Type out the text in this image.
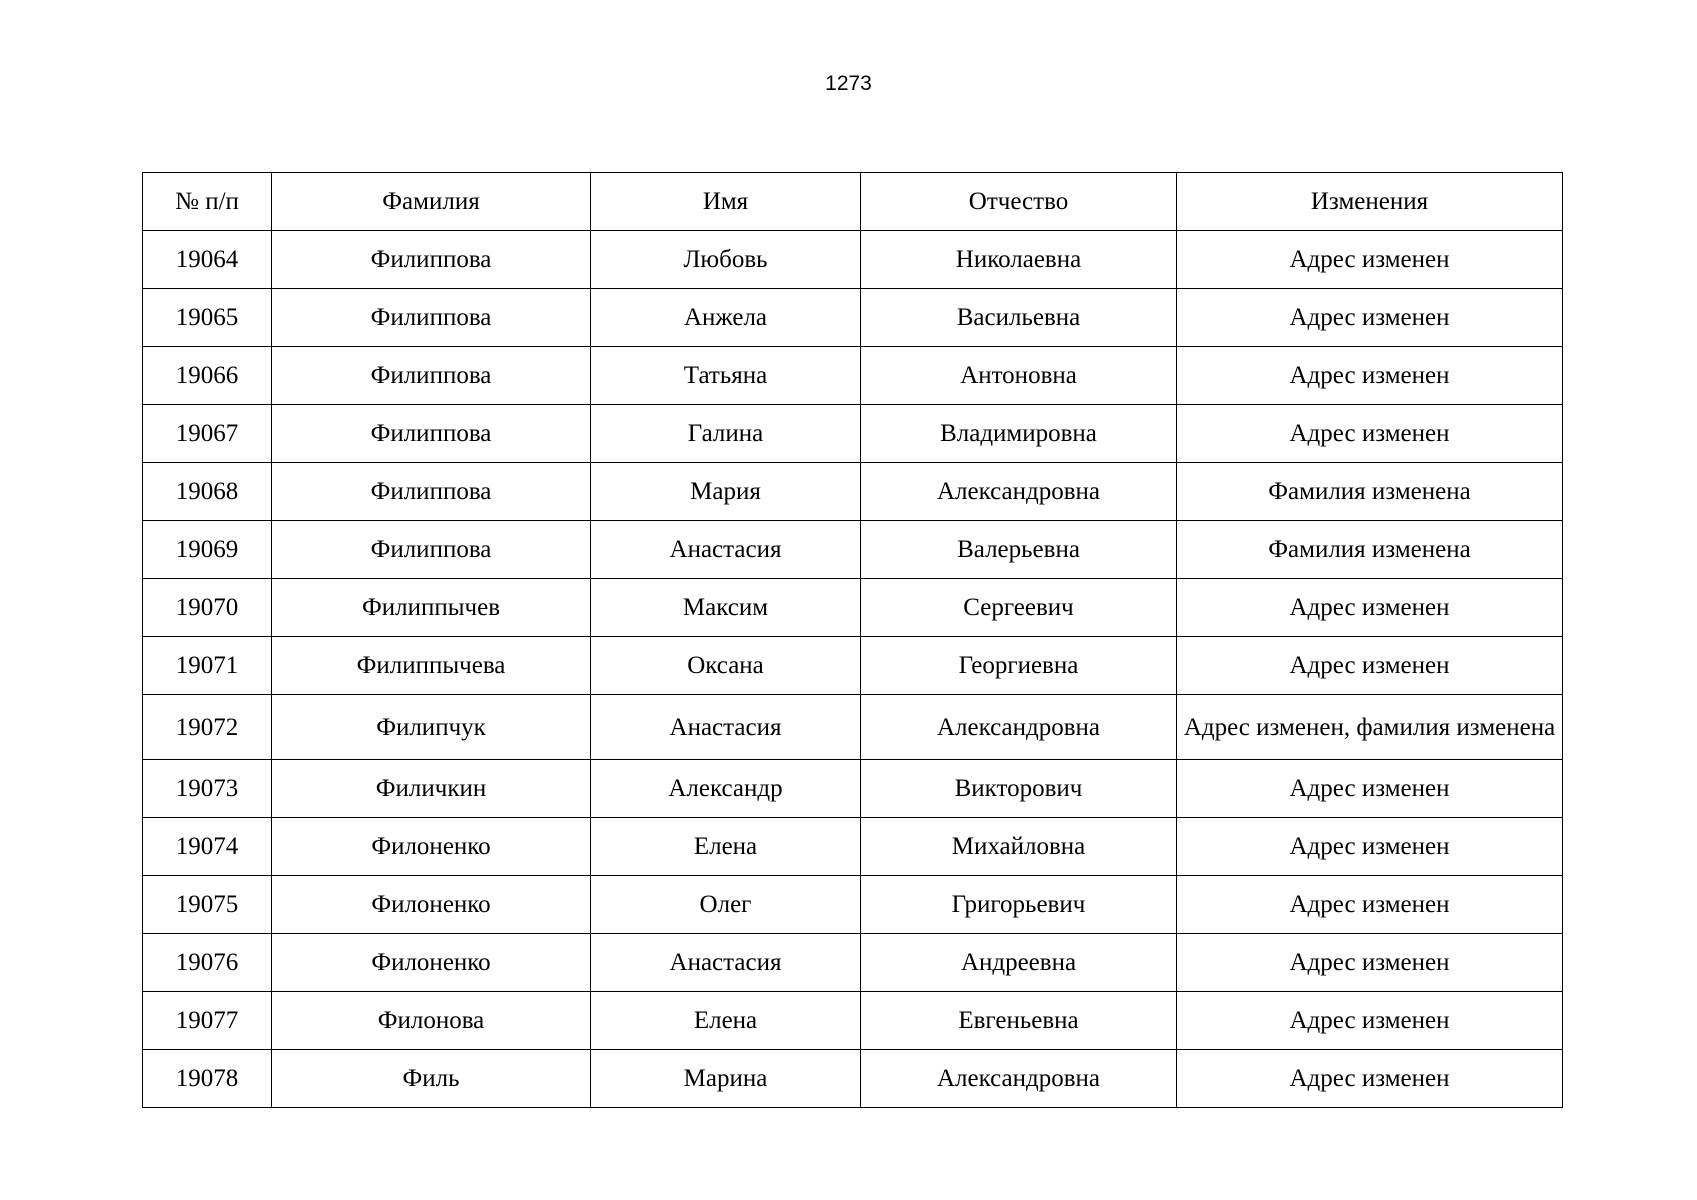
1273
№ п/п	Фамилия	Имя	Отчество	Изменения
19064	Филиппова	Любовь	Николаевна	Адрес изменен
19065	Филиппова	Анжела	Васильевна	Адрес изменен
19066	Филиппова	Татьяна	Антоновна	Адрес изменен
19067	Филиппова	Галина	Владимировна	Адрес изменен
19068	Филиппова	Мария	Александровна	Фамилия изменена
19069	Филиппова	Анастасия	Валерьевна	Фамилия изменена
19070	Филиппычев	Максим	Сергеевич	Адрес изменен
19071	Филиппычева	Оксана	Георгиевна	Адрес изменен
19072	Филипчук	Анастасия	Александровна	Адрес изменен, фамилия изменена
19073	Филичкин	Александр	Викторович	Адрес изменен
19074	Филоненко	Елена	Михайловна	Адрес изменен
19075	Филоненко	Олег	Григорьевич	Адрес изменен
19076	Филоненко	Анастасия	Андреевна	Адрес изменен
19077	Филонова	Елена	Евгеньевна	Адрес изменен
19078	Филь	Марина	Александровна	Адрес изменен
